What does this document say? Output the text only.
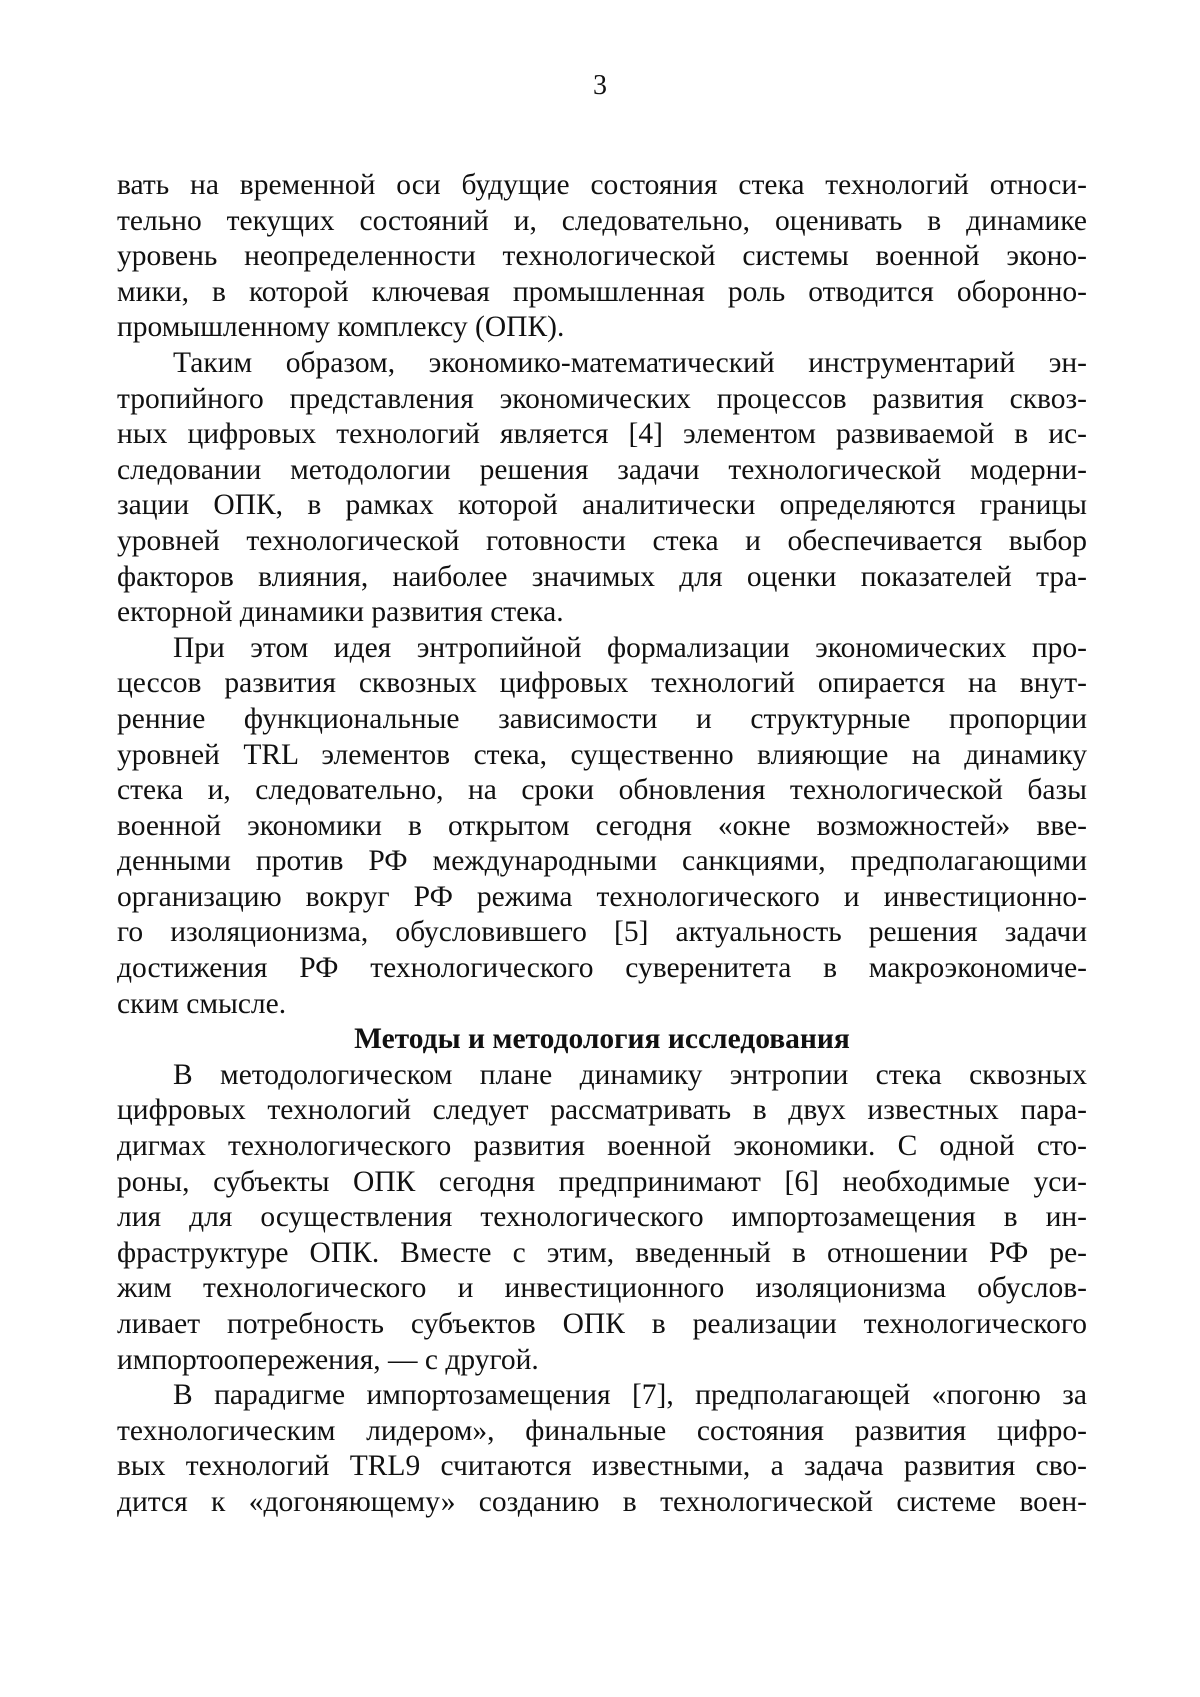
3
вать на временной оси будущие состояния стека технологий относи-
тельно текущих состояний и, следовательно, оценивать в динамике
уровень неопределенности технологической системы военной эконо-
мики, в которой ключевая промышленная роль отводится оборонно-
промышленному комплексу (ОПК).
Таким образом, экономико-математический инструментарий эн-
тропийного представления экономических процессов развития сквоз-
ных цифровых технологий является [4] элементом развиваемой в ис-
следовании методологии решения задачи технологической модерни-
зации ОПК, в рамках которой аналитически определяются границы
уровней технологической готовности стека и обеспечивается выбор
факторов влияния, наиболее значимых для оценки показателей тра-
екторной динамики развития стека.
При этом идея энтропийной формализации экономических про-
цессов развития сквозных цифровых технологий опирается на внут-
ренние функциональные зависимости и структурные пропорции
уровней TRL элементов стека, существенно влияющие на динамику
стека и, следовательно, на сроки обновления технологической базы
военной экономики в открытом сегодня «окне возможностей» вве-
денными против РФ международными санкциями, предполагающими
организацию вокруг РФ режима технологического и инвестиционно-
го изоляционизма, обусловившего [5] актуальность решения задачи
достижения РФ технологического суверенитета в макроэкономиче-
ским смысле.
Методы и методология исследования
В методологическом плане динамику энтропии стека сквозных
цифровых технологий следует рассматривать в двух известных пара-
дигмах технологического развития военной экономики. С одной сто-
роны, субъекты ОПК сегодня предпринимают [6] необходимые уси-
лия для осуществления технологического импортозамещения в ин-
фраструктуре ОПК. Вместе с этим, введенный в отношении РФ ре-
жим технологического и инвестиционного изоляционизма обуслов-
ливает потребность субъектов ОПК в реализации технологического
импортоопережения, — с другой.
В парадигме импортозамещения [7], предполагающей «погоню за
технологическим лидером», финальные состояния развития цифро-
вых технологий TRL9 считаются известными, а задача развития сво-
дится к «догоняющему» созданию в технологической системе воен-
